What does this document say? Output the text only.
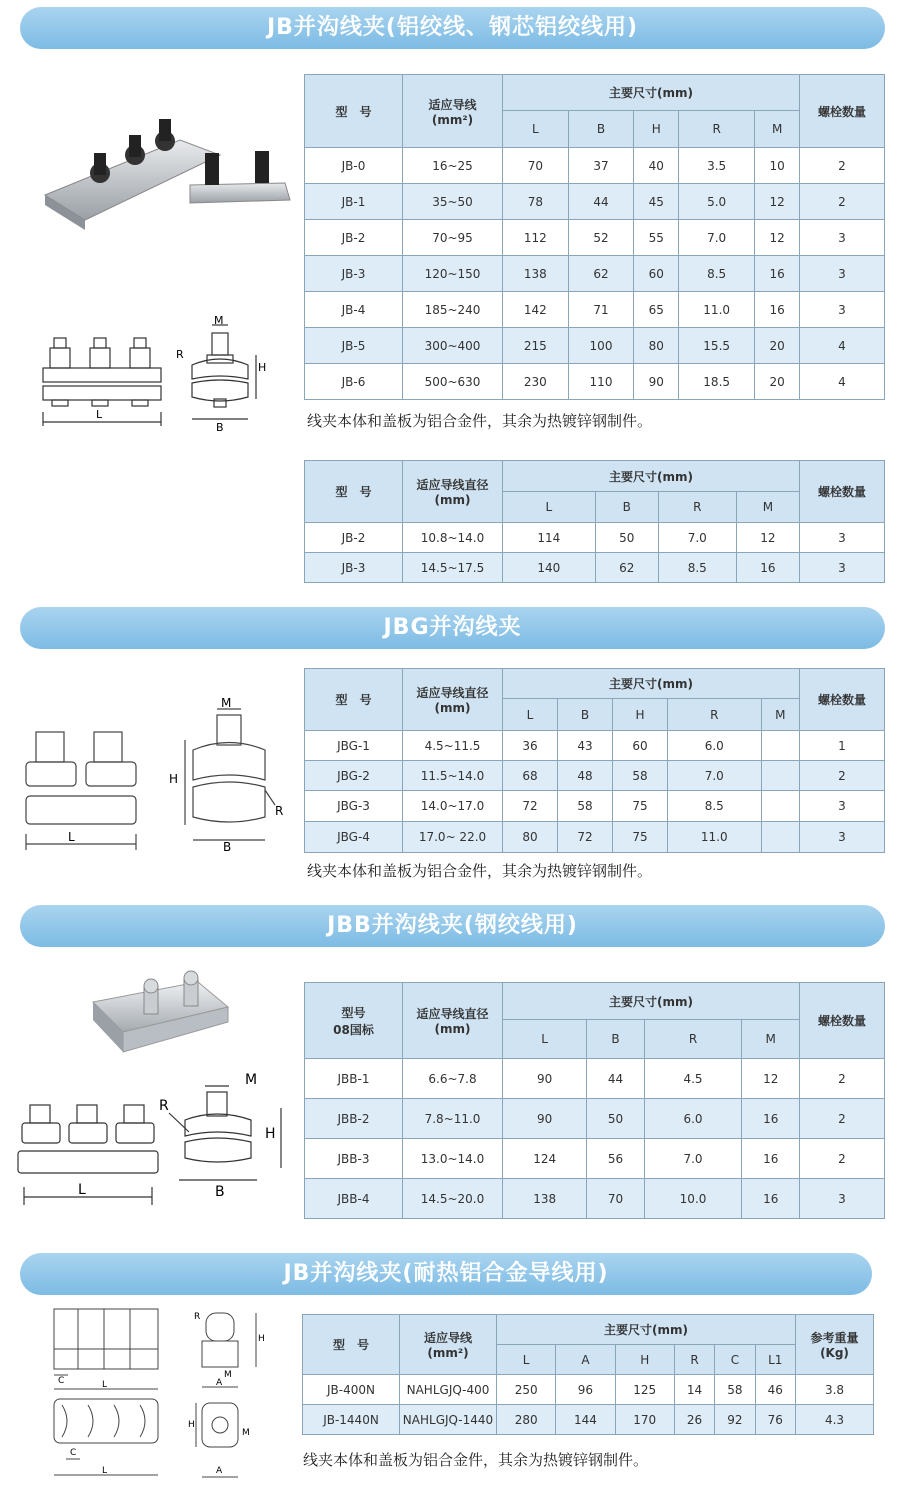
JB并沟线夹(铝绞线、钢芯铝绞线用)
L
M
R
H
B
型　号	适应导线
(mm²)	主要尺寸(mm)					螺栓数量
		L	B	H	R	M	
JB-0	16~25	70	37	40	3.5	10	2
JB-1	35~50	78	44	45	5.0	12	2
JB-2	70~95	112	52	55	7.0	12	3
JB-3	120~150	138	62	60	8.5	16	3
JB-4	185~240	142	71	65	11.0	16	3
JB-5	300~400	215	100	80	15.5	20	4
JB-6	500~630	230	110	90	18.5	20	4
线夹本体和盖板为铝合金件，其余为热镀锌钢制件。
型　号	适应导线直径
(mm)	主要尺寸(mm)				螺栓数量
		L	B	R	M	
JB-2	10.8~14.0	114	50	7.0	12	3
JB-3	14.5~17.5	140	62	8.5	16	3
JBG并沟线夹
L
M
H
R
B
型　号	适应导线直径
(mm)	主要尺寸(mm)					螺栓数量
		L	B	H	R	M	
JBG-1	4.5~11.5	36	43	60	6.0		1
JBG-2	11.5~14.0	68	48	58	7.0		2
JBG-3	14.0~17.0	72	58	75	8.5		3
JBG-4	17.0~ 22.0	80	72	75	11.0		3
线夹本体和盖板为铝合金件，其余为热镀锌钢制件。
JBB并沟线夹(钢绞线用)
L
M
R
H
B
型号
08国标	适应导线直径
(mm)	主要尺寸(mm)				螺栓数量
		L	B	R	M	
JBB-1	6.6~7.8	90	44	4.5	12	2
JBB-2	7.8~11.0	90	50	6.0	16	2
JBB-3	13.0~14.0	124	56	7.0	16	2
JBB-4	14.5~20.0	138	70	10.0	16	3
JB并沟线夹(耐热铝合金导线用)
C	L
R
H
M
A
C
L
H
M
A
型　号	适应导线
(mm²)	主要尺寸(mm)						参考重量
(Kg)
		L	A	H	R	C	L1	
JB-400N	NAHLGJQ-400	250	96	125	14	58	46	3.8
JB-1440N	NAHLGJQ-1440	280	144	170	26	92	76	4.3
线夹本体和盖板为铝合金件，其余为热镀锌钢制件。
